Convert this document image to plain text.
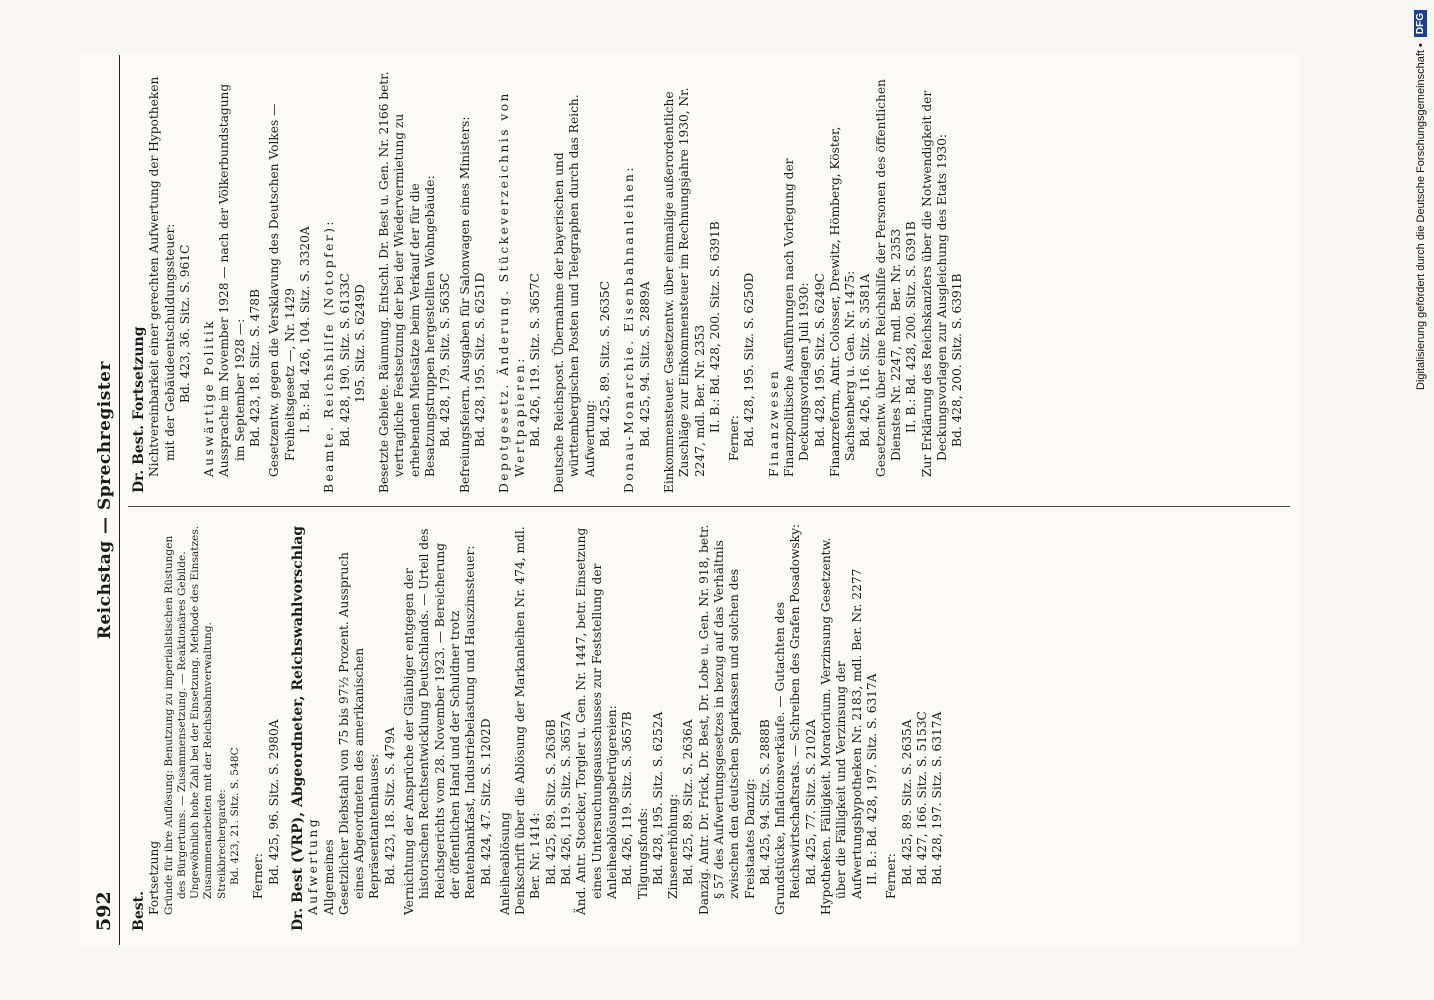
592
Reichstag — Sprechregister

Best. Fortsetzung Gründe für ihre Auflösung: Benutzung zu imperialistischen Rüstungen des Bürgertums. — Zusammensetzung. — Reaktionäres Gebilde. Ungewöhnlich hohe Zahl bei der Einsetzung. Methode des Einsatzes. Zusammenarbeiten mit der Reichsbahnverwaltung. Streikbrechergarde: Bd. 423, 21. Sitz. S. 548C Ferner: Bd. 425, 96. Sitz. S. 2980A Dr. Best (VRP), Abgeordneter, Reichswahlvorschlag Aufwertung Allgemeines Gesetzlicher Diebstahl von 75 bis 97½ Prozent. Ausspruch eines Abgeordneten des amerikanischen Repräsentantenhauses: Bd. 423, 18. Sitz. S. 479A Vernichtung der Ansprüche der Gläubiger entgegen der historischen Rechtsentwicklung Deutschlands. — Urteil des Reichsgerichts vom 28. November 1923. — Bereicherung der öffentlichen Hand und der Schuldner trotz Rentenbankfast, Industriebelastung und Hauszinssteuer: Bd. 424, 47. Sitz. S. 1202D Anleiheablösung Denkschrift über die Ablösung der Markanleihen Nr. 474, mdl. Ber. Nr. 1414: Bd. 425, 89. Sitz. S. 2636B Bd. 426, 119. Sitz. S. 3657A Änd. Antr. Stoecker, Torgler u. Gen. Nr. 1447, betr. Einsetzung eines Untersuchungsausschusses zur Feststellung der Anleiheablösungsbetrügereien: Bd. 426, 119. Sitz. S. 3657B Tilgungsfonds: Bd. 428, 195. Sitz. S. 6252A Zinsenerhöhung: Bd. 425, 89. Sitz. S. 2636A Danzig. Antr. Dr. Frick, Dr. Best, Dr. Lobe u. Gen. Nr. 918, betr. § 57 des Aufwertungsgesetzes in bezug auf das Verhältnis zwischen den deutschen Sparkassen und solchen des Freistaates Danzig: Bd. 425, 94. Sitz. S. 2888B Grundstücke, Inflationsverkäufe. — Gutachten des Reichswirtschaftsrats. — Schreiben des Grafen Posadowsky: Bd. 425, 77. Sitz. S. 2102A Hypotheken. Fälligkeit. Moratorium. Verzinsung Gesetzentw. über die Fälligkeit und Verzinsung der Aufwertungshypotheken Nr. 2183, mdl. Ber. Nr. 2277 II. B.: Bd. 428, 197. Sitz. S. 6317A Ferner: Bd. 425, 89. Sitz. S. 2635A Bd. 427, 166. Sitz. S. 5153C Bd. 428, 197. Sitz. S. 6317A

Dr. Best. Fortsetzung Nichtvereinbarkeit einer gerechten Aufwertung der Hypotheken mit der Gebäudeentschuldungssteuer: Bd. 423, 36. Sitz. S. 961C Auswärtige Politik Aussprache im November 1928 — nach der Völkerbundstagung im September 1928 —: Bd. 423, 18. Sitz. S. 478B Gesetzentw. gegen die Versklavung des Deutschen Volkes — Freiheitsgesetz —, Nr. 1429 I. B.: Bd. 426, 104. Sitz. S. 3320A Beamte. Reichshilfe (Notopfer): Bd. 428, 190. Sitz. S. 6133C 195. Sitz. S. 6249D Besetzte Gebiete. Räumung. Entschl. Dr. Best u. Gen. Nr. 2166 betr. vertragliche Festsetzung der bei der Wiedervermietung zu erhebenden Mietsätze beim Verkauf der für die Besatzungstruppen hergestellten Wohngebäude: Bd. 428, 179. Sitz. S. 5635C Befreiungsfeiern. Ausgaben für Salonwagen eines Ministers: Bd. 428, 195. Sitz. S. 6251D Depotgesetz. Änderung. Stückeverzeichnis von Wertpapieren: Bd. 426, 119. Sitz. S. 3657C Deutsche Reichspost. Übernahme der bayerischen und württembergischen Posten und Telegraphen durch das Reich. Aufwertung: Bd. 425, 89. Sitz. S. 2635C Donau-Monarchie. Eisenbahnanleihen: Bd. 425, 94. Sitz. S. 2889A Einkommensteuer. Gesetzentw. über einmalige außerordentliche Zuschläge zur Einkommensteuer im Rechnungsjahre 1930, Nr. 2247, mdl. Ber. Nr. 2353 II. B.: Bd. 428, 200. Sitz. S. 6391B

Ferner: Bd. 428, 195. Sitz. S. 6250D Finanzwesen Finanzpolitische Ausführungen nach Vorlegung der Deckungsvorlagen Juli 1930: Bd. 428, 195. Sitz. S. 6249C Finanzreform, Antr. Colosser, Drewitz, Hömberg, Köster, Sachsenberg u. Gen. Nr. 1475: Bd. 426, 116. Sitz. S. 3581A Gesetzentw. über eine Reichshilfe der Personen des öffentlichen Dienstes Nr. 2247, mdl. Ber. Nr. 2353 II. B.: Bd. 428, 200. Sitz. S. 6391B Zur Erklärung des Reichskanzlers über die Notwendigkeit der Deckungsvorlagen zur Ausgleichung des Etats 1930: Bd. 428, 200. Sitz. S. 6391B	Digitalisierung gefördert durch die Deutsche Forschungsgemeinschaft •
DFG
